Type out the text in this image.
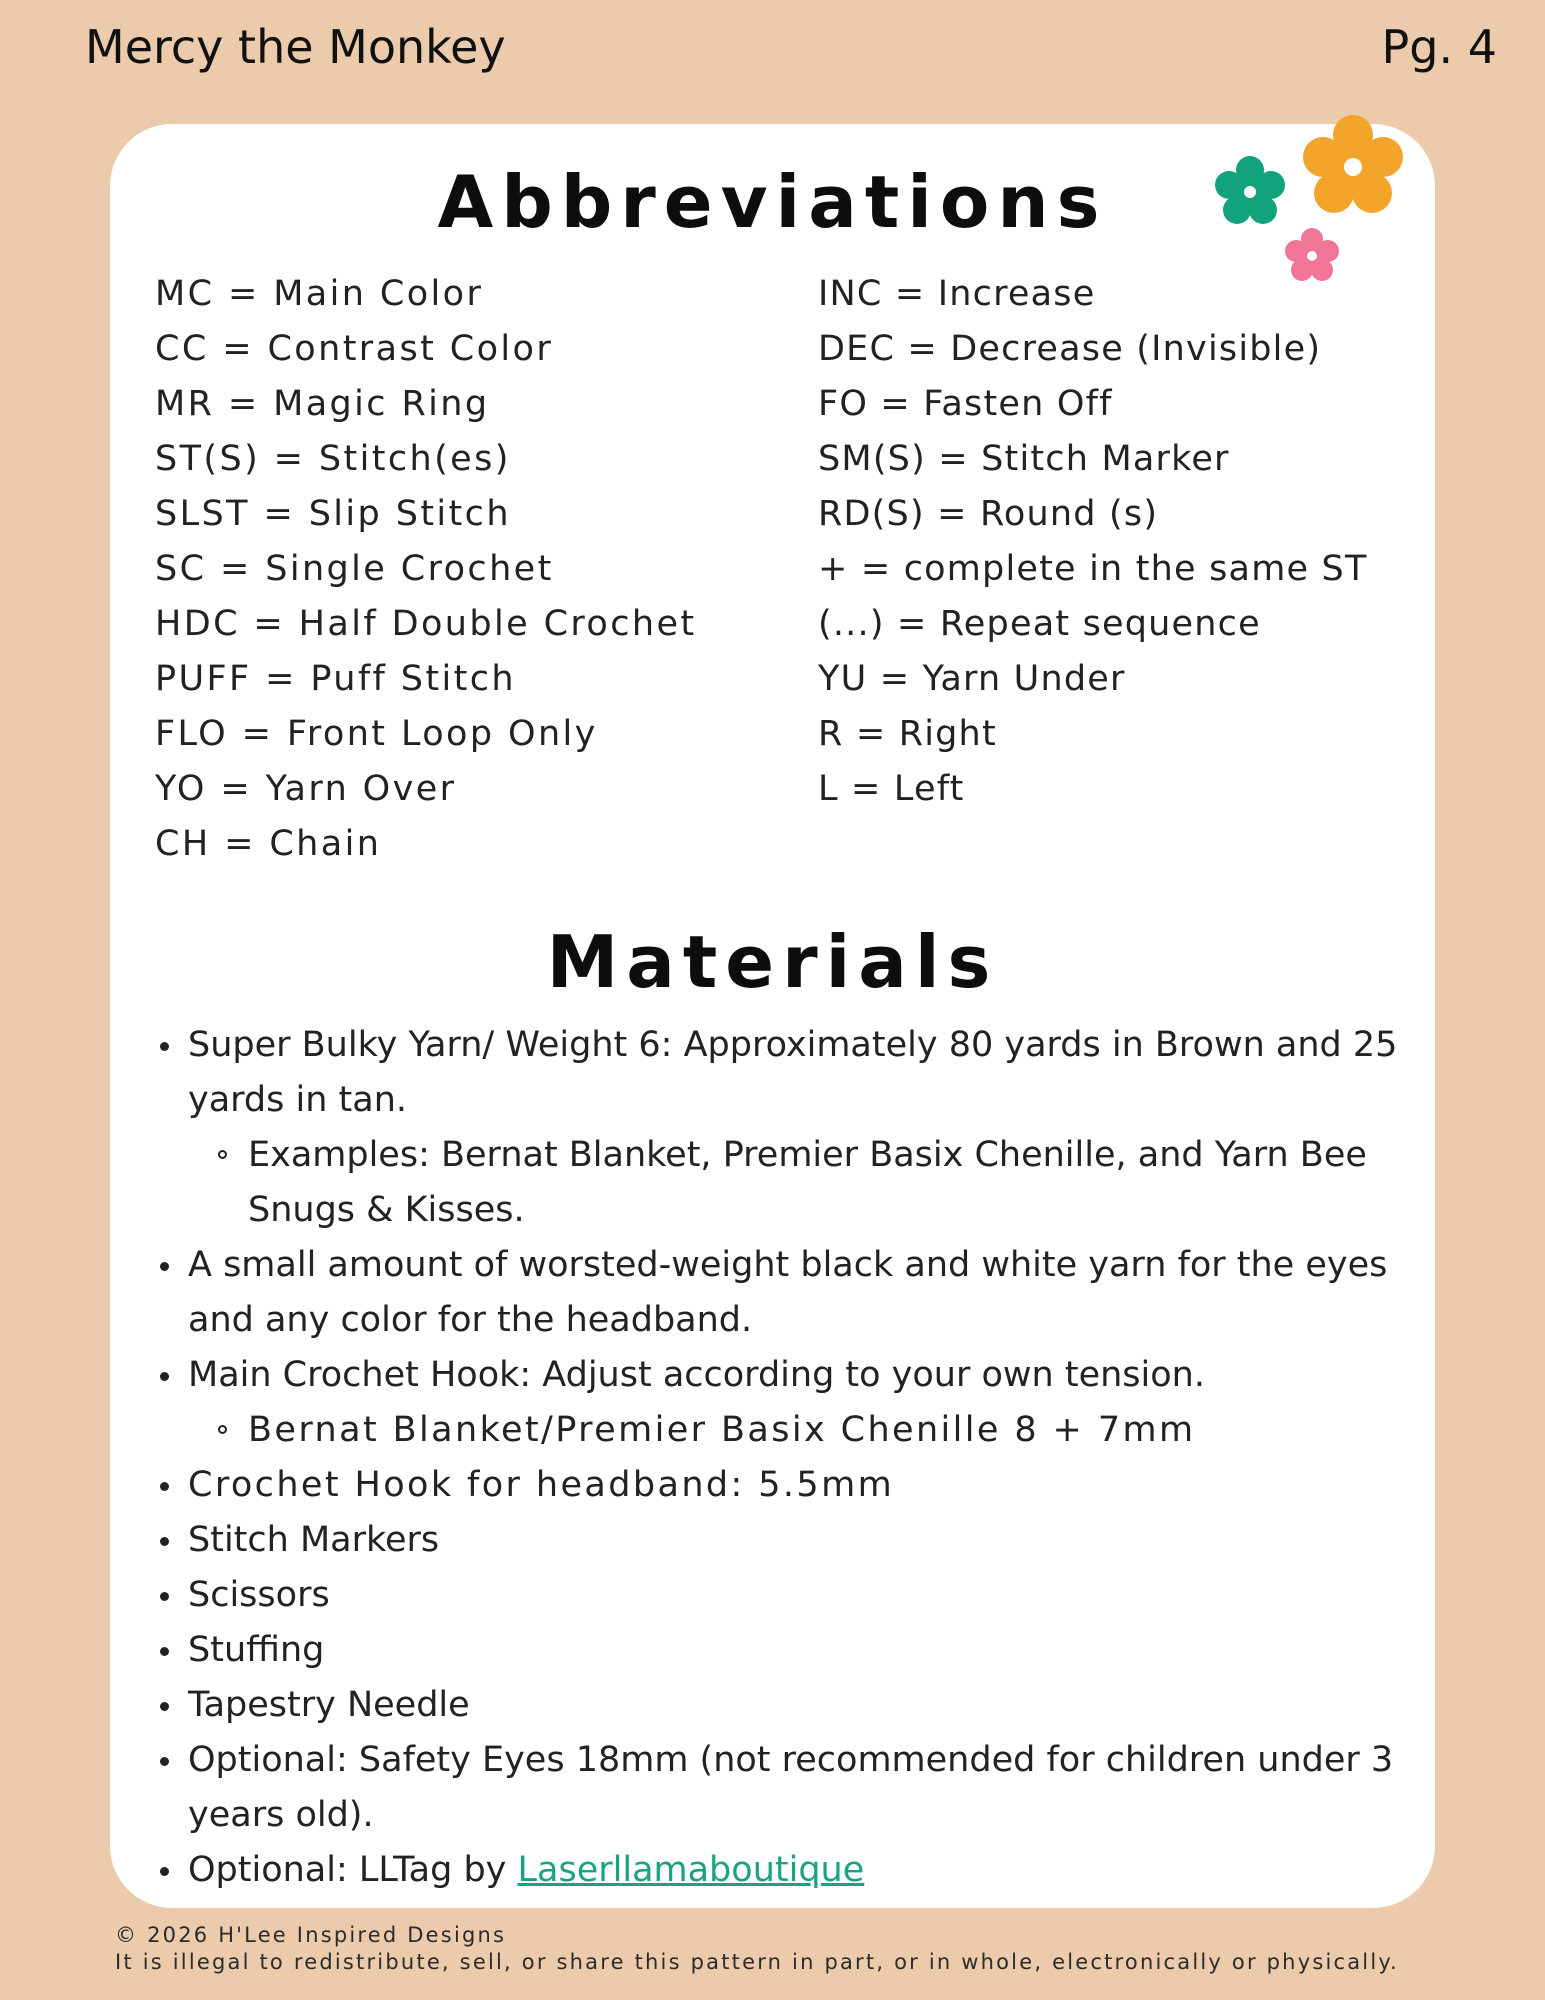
Mercy the Monkey	Pg. 4
Abbreviations
MC = Main Color
CC = Contrast Color
MR = Magic Ring
ST(S) = Stitch(es)
SLST = Slip Stitch
SC = Single Crochet
HDC = Half Double Crochet
PUFF = Puff Stitch
FLO = Front Loop Only
YO = Yarn Over
CH = Chain
INC = Increase
DEC = Decrease (Invisible)
FO = Fasten Off
SM(S) = Stitch Marker
RD(S) = Round (s)
+ = complete in the same ST
(...) = Repeat sequence
YU = Yarn Under
R = Right
L = Left
Materials
Super Bulky Yarn/ Weight 6: Approximately 80 yards in Brown and 25 yards in tan.
Examples: Bernat Blanket, Premier Basix Chenille, and Yarn Bee Snugs & Kisses.
A small amount of worsted-weight black and white yarn for the eyes and any color for the headband.
Main Crochet Hook: Adjust according to your own tension.
Bernat Blanket/Premier Basix Chenille 8 + 7mm
Crochet Hook for headband: 5.5mm
Stitch Markers
Scissors
Stuffing
Tapestry Needle
Optional: Safety Eyes 18mm (not recommended for children under 3 years old).
Optional: LLTag by Laserllamaboutique
© 2026 H'Lee Inspired Designs
It is illegal to redistribute, sell, or share this pattern in part, or in whole, electronically or physically.
